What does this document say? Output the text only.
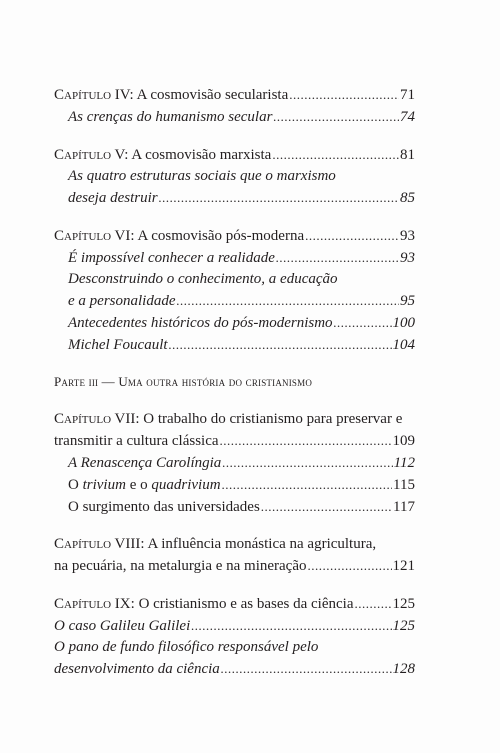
Capítulo IV: A cosmovisão secularista .....	71
As crenças do humanismo secular .....	74
Capítulo V: A cosmovisão marxista .....	81
As quatro estruturas sociais que o marxismo
deseja destruir .....	85
Capítulo VI: A cosmovisão pós-moderna .....	93
É impossível conhecer a realidade .....	93
Desconstruindo o conhecimento, a educação
e a personalidade .....	95
Antecedentes históricos do pós-modernismo .....	100
Michel Foucault .....	104
Parte iii — Uma outra história do cristianismo
Capítulo VII: O trabalho do cristianismo para preservar e
transmitir a cultura clássica .....	109
A Renascença Carolíngia .....	112
O trivium e o quadrivium .....	115
O surgimento das universidades .....	117
Capítulo VIII: A influência monástica na agricultura,
na pecuária, na metalurgia e na mineração .....	121
Capítulo IX: O cristianismo e as bases da ciência .....	125
O caso Galileu Galilei .....	125
O pano de fundo filosófico responsável pelo
desenvolvimento da ciência .....	128
